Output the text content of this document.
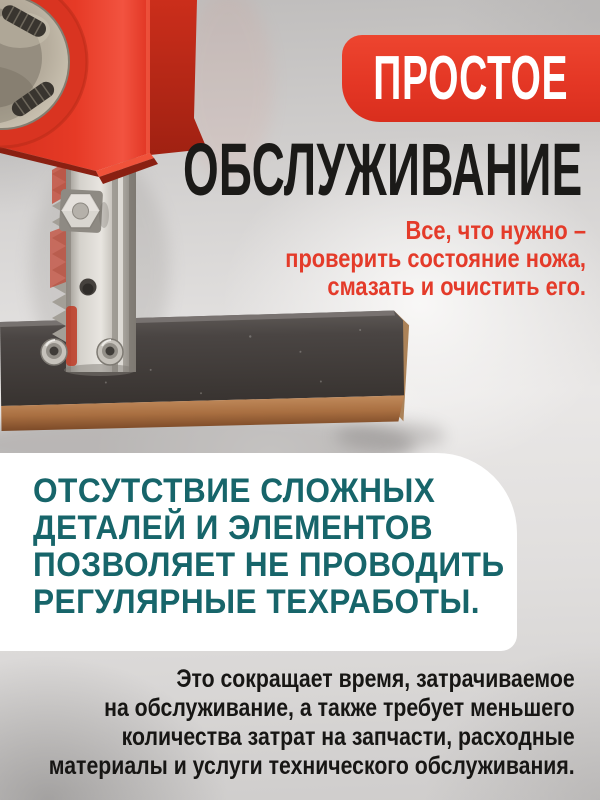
ПРОСТОЕ
ОБСЛУЖИВАНИЕ
Все, что нужно –
проверить состояние ножа,
смазать и очистить его.
ОТСУТСТВИЕ СЛОЖНЫХ
ДЕТАЛЕЙ И ЭЛЕМЕНТОВ
ПОЗВОЛЯЕТ НЕ ПРОВОДИТЬ
РЕГУЛЯРНЫЕ ТЕХРАБОТЫ.
Это сокращает время, затрачиваемое
на обслуживание, а также требует меньшего
количества затрат на запчасти, расходные
материалы и услуги технического обслуживания.
